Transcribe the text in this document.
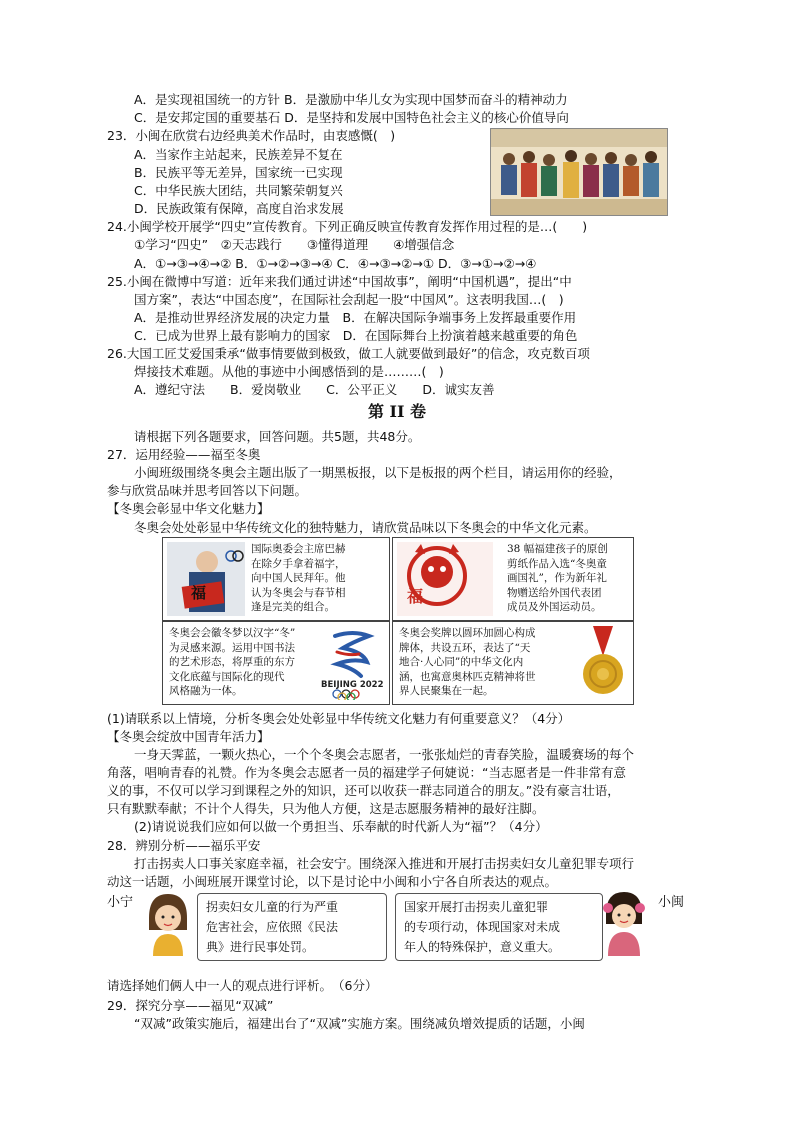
A．是实现祖国统一的方针 B．是激励中华儿女为实现中国梦而奋斗的精神动力
C．是安邦定国的重要基石 D．是坚持和发展中国特色社会主义的核心价值导向
23．小闽在欣赏右边经典美术作品时，由衷感慨(　)
A．当家作主站起来，民族差异不复在
B．民族平等无差异，国家统一已实现
C．中华民族大团结，共同繁荣朝复兴
D．民族政策有保障，高度自治求发展
24.小闽学校开展学“四史”宣传教育。下列正确反映宣传教育发挥作用过程的是…(　　)
①学习“四史”　②天志践行　　③懂得道理　　④增强信念
A．①→③→④→② B．①→②→③→④ C．④→③→②→① D．③→①→②→④
25.小闽在微博中写道：近年来我们通过讲述“中国故事”，阐明“中国机遇”，提出“中
国方案”，表达“中国态度”，在国际社会刮起一股“中国风”。这表明我国…(　)
A．是推动世界经济发展的决定力量　B．在解决国际争端事务上发挥最重要作用
C．已成为世界上最有影响力的国家　D．在国际舞台上扮演着越来越重要的角色
26.大国工匠艾爱国秉承“做事情要做到极致，做工人就要做到最好”的信念，攻克数百项
焊接技术难题。从他的事迹中小闽感悟到的是………(　)
A．遵纪守法　　B．爱岗敬业　　C．公平正义　　D．诚实友善
请根据下列各题要求，回答问题。共5题，共48分。
27．运用经验——福至冬奥
小闽班级围绕冬奥会主题出版了一期黑板报，以下是板报的两个栏目，请运用你的经验，
参与欣赏品味并思考回答以下问题。
【冬奥会彰显中华文化魅力】
冬奥会处处彰显中华传统文化的独特魅力，请欣赏品味以下冬奥会的中华文化元素。
(1)请联系以上情境，分析冬奥会处处彰显中华传统文化魅力有何重要意义？（4分）
【冬奥会绽放中国青年活力】
一身天霁蓝，一颗火热心，一个个冬奥会志愿者，一张张灿烂的青春笑脸，温暖赛场的每个
角落，唱响青春的礼赞。作为冬奥会志愿者一员的福建学子何婕说：“当志愿者是一件非常有意
义的事，不仅可以学习到课程之外的知识，还可以收获一群志同道合的朋友。”没有豪言壮语，
只有默默奉献；不计个人得失，只为他人方便，这是志愿服务精神的最好注脚。
(2)请说说我们应如何以做一个勇担当、乐奉献的时代新人为“福”？（4分）
28．辨别分析——福乐平安
打击拐卖人口事关家庭幸福，社会安宁。围绕深入推进和开展打击拐卖妇女儿童犯罪专项行
动这一话题，小闽班展开课堂讨论，以下是讨论中小闽和小宁各自所表达的观点。
请选择她们俩人中一人的观点进行评析。　（6分）
29．探究分享——福见“双减”
“双减”政策实施后，福建出台了“双减”实施方案。围绕减负增效提质的话题，小闽
第 II 卷
福
国际奥委会主席巴赫
在除夕手拿着福字，
向中国人民拜年。他
认为冬奥会与春节相
逢是完美的组合。
福
38 幅福建孩子的原创
剪纸作品入选“冬奥童
画国礼”，作为新年礼
物赠送给外国代表团
成员及外国运动员。
冬奥会会徽冬梦以汉字“冬”
为灵感来源。运用中国书法
的艺术形态，将厚重的东方
文化底蕴与国际化的现代
风格融为一体。	BEIJING 2022
冬奥会奖牌以圆环加圆心构成
牌体，共设五环，表达了“天
地合·人心同”的中华文化内
涵，也寓意奥林匹克精神将世
界人民聚集在一起。
小宁	拐卖妇女儿童的行为严重
危害社会，应依照《民法
典》进行民事处罚。
国家开展打击拐卖儿童犯罪
的专项行动，体现国家对未成
年人的特殊保护，意义重大。
小闽
